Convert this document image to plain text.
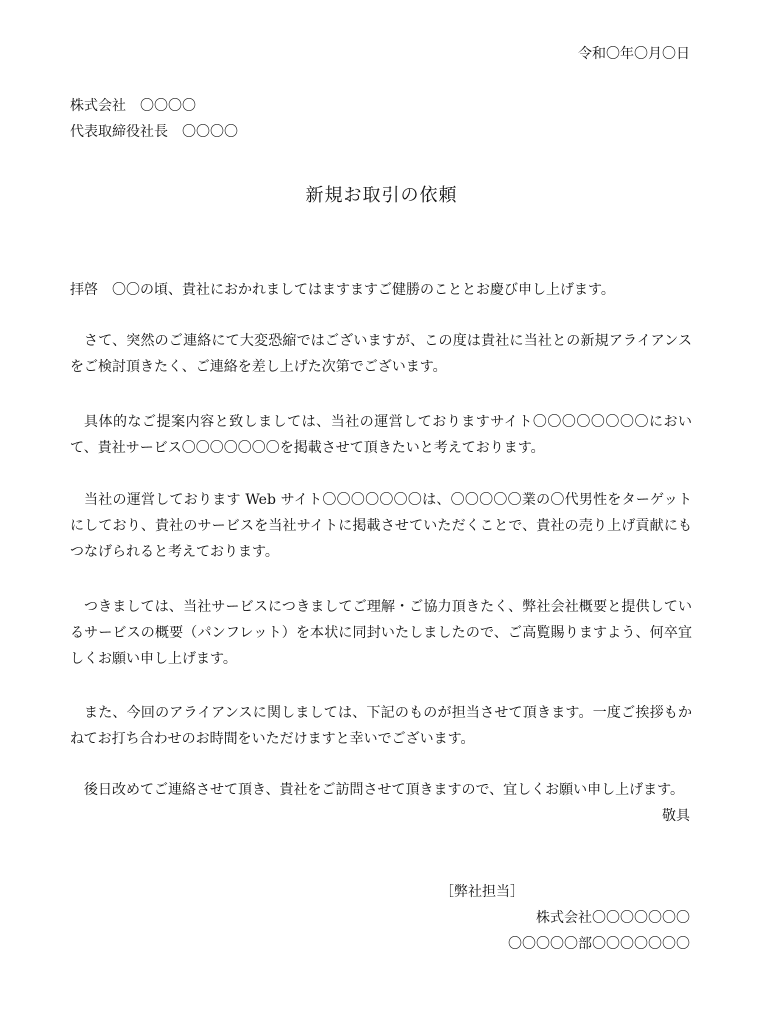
令和〇年〇月〇日
株式会社　〇〇〇〇
代表取締役社長　〇〇〇〇
新規お取引の依頼
拝啓　〇〇の頃、貴社におかれましてはますますご健勝のこととお慶び申し上げます。
さて、突然のご連絡にて大変恐縮ではございますが、この度は貴社に当社との新規アライアンスをご検討頂きたく、ご連絡を差し上げた次第でございます。
具体的なご提案内容と致しましては、当社の運営しておりますサイト〇〇〇〇〇〇〇〇において、貴社サービス〇〇〇〇〇〇〇を掲載させて頂きたいと考えております。
当社の運営しております Web サイト〇〇〇〇〇〇〇は、〇〇〇〇〇業の〇代男性をターゲットにしており、貴社のサービスを当社サイトに掲載させていただくことで、貴社の売り上げ貢献にもつなげられると考えております。
つきましては、当社サービスにつきましてご理解・ご協力頂きたく、弊社会社概要と提供しているサービスの概要（パンフレット）を本状に同封いたしましたので、ご高覧賜りますよう、何卒宜しくお願い申し上げます。
また、今回のアライアンスに関しましては、下記のものが担当させて頂きます。一度ご挨拶もかねてお打ち合わせのお時間をいただけますと幸いでございます。
後日改めてご連絡させて頂き、貴社をご訪問させて頂きますので、宜しくお願い申し上げます。
敬具
［弊社担当］
株式会社〇〇〇〇〇〇〇
〇〇〇〇〇部〇〇〇〇〇〇〇
